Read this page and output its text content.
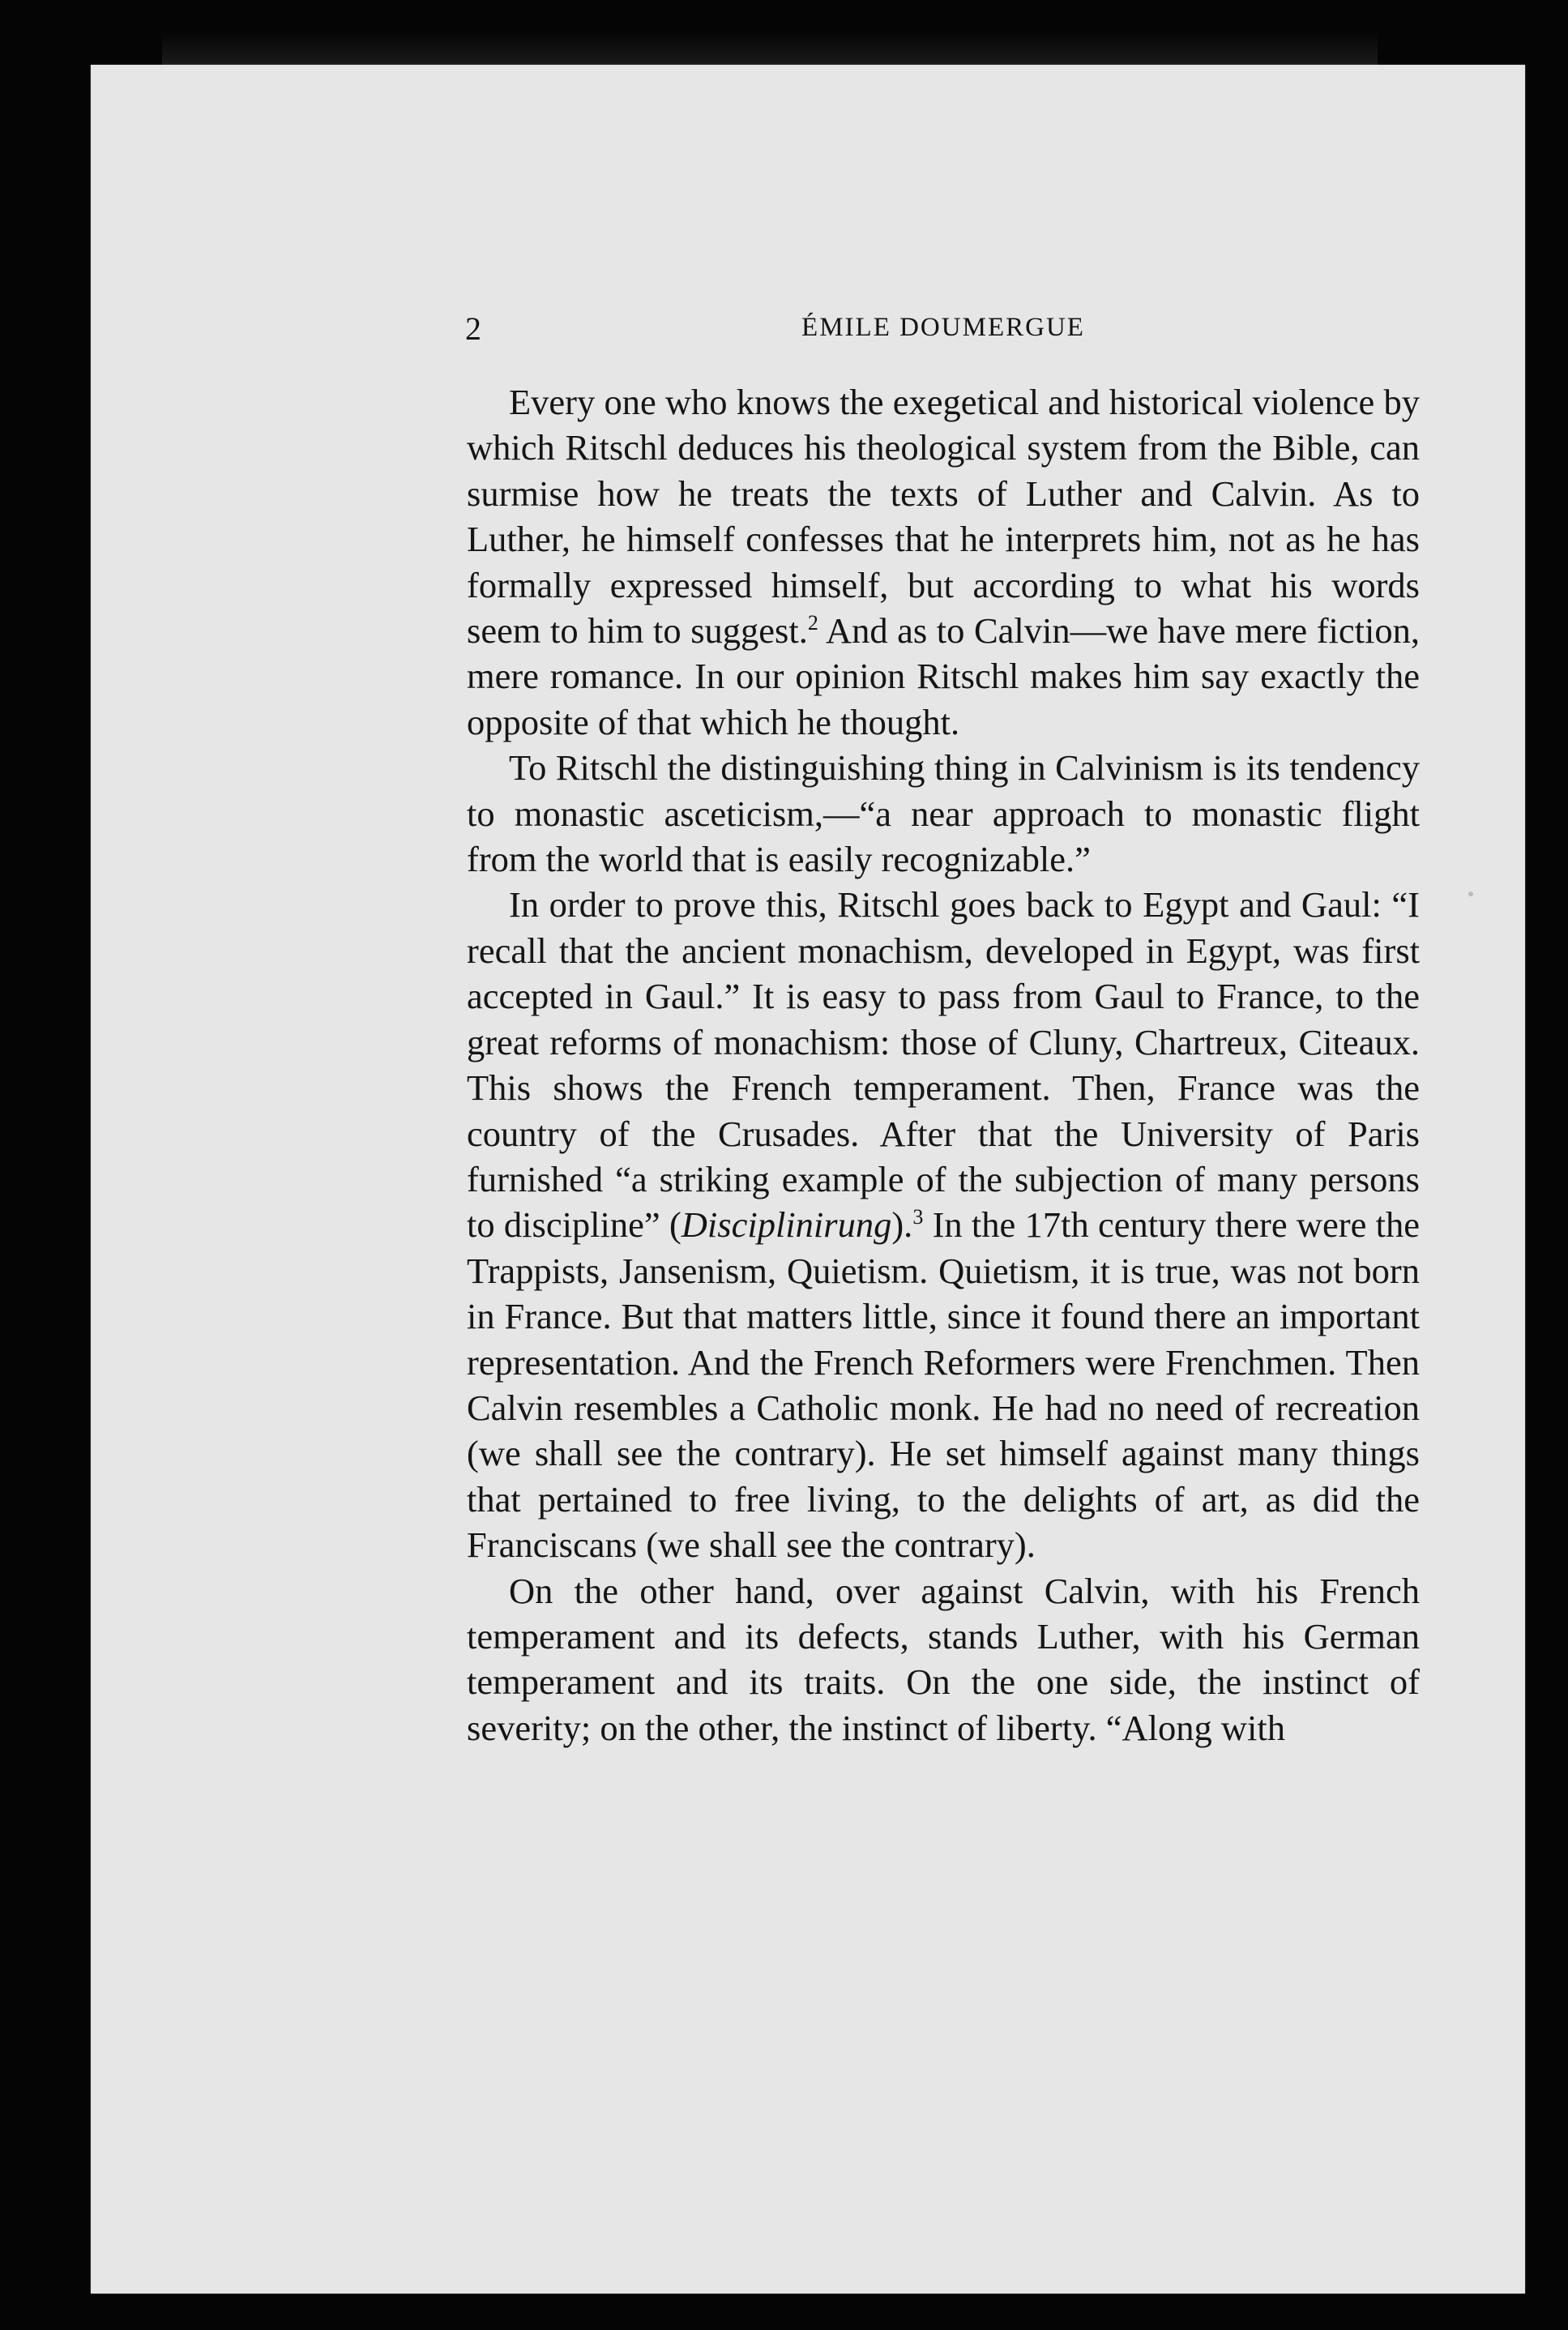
2	ÉMILE DOUMERGUE

Every one who knows the exegetical and historical violence by which Ritschl deduces his theological system from the Bible, can surmise how he treats the texts of Luther and Calvin. As to Luther, he himself confesses that he interprets him, not as he has formally expressed himself, but according to what his words seem to him to suggest.$^2$ And as to Calvin—we have mere fiction, mere romance. In our opinion Ritschl makes him say exactly the opposite of that which he thought.

To Ritschl the distinguishing thing in Calvinism is its tendency to monastic asceticism,—“a near approach to monastic flight from the world that is easily recognizable.”

In order to prove this, Ritschl goes back to Egypt and Gaul: “I recall that the ancient monachism, developed in Egypt, was first accepted in Gaul.” It is easy to pass from Gaul to France, to the great reforms of monachism: those of Cluny, Chartreux, Citeaux. This shows the French temperament. Then, France was the country of the Crusades. After that the University of Paris furnished “a striking example of the subjection of many persons to discipline” (Disciplinirung).$^3$ In the 17th century there were the Trappists, Jansenism, Quietism. Quietism, it is true, was not born in France. But that matters little, since it found there an important representation. And the French Reformers were Frenchmen. Then Calvin resembles a Catholic monk. He had no need of recreation (we shall see the contrary). He set himself against many things that pertained to free living, to the delights of art, as did the Franciscans (we shall see the contrary).

On the other hand, over against Calvin, with his French temperament and its defects, stands Luther, with his German temperament and its traits. On the one side, the instinct of severity; on the other, the instinct of liberty. “Along with
